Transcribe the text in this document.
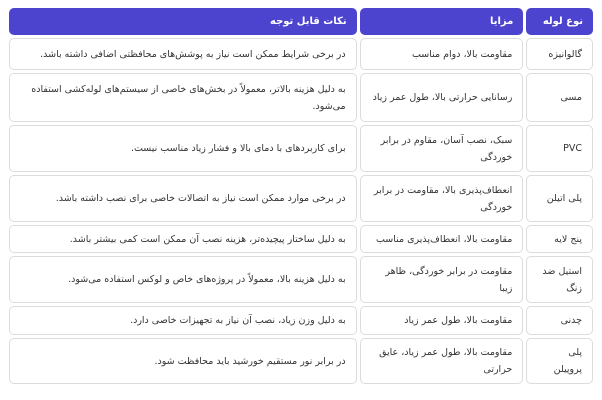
نوع لوله	مزایا	نکات قابل توجه
گالوانیزه	مقاومت بالا، دوام مناسب	در برخی شرایط ممکن است نیاز به پوشش‌های محافظتی اضافی داشته باشد.
مسی	رسانایی حرارتی بالا، طول عمر زیاد	به دلیل هزینه بالاتر، معمولاً در بخش‌های خاصی از سیستم‌های لوله‌کشی استفاده می‌شود.
PVC	سبک، نصب آسان، مقاوم در برابر خوردگی	برای کاربردهای با دمای بالا و فشار زیاد مناسب نیست.
پلی اتیلن	انعطاف‌پذیری بالا، مقاومت در برابر خوردگی	در برخی موارد ممکن است نیاز به اتصالات خاصی برای نصب داشته باشد.
پنج لایه	مقاومت بالا، انعطاف‌پذیری مناسب	به دلیل ساختار پیچیده‌تر، هزینه نصب آن ممکن است کمی بیشتر باشد.
استیل ضد زنگ	مقاومت در برابر خوردگی، ظاهر زیبا	به دلیل هزینه بالا، معمولاً در پروژه‌های خاص و لوکس استفاده می‌شود.
چدنی	مقاومت بالا، طول عمر زیاد	به دلیل وزن زیاد، نصب آن نیاز به تجهیزات خاصی دارد.
پلی پروپیلن	مقاومت بالا، طول عمر زیاد، عایق حرارتی	در برابر نور مستقیم خورشید باید محافظت شود.
